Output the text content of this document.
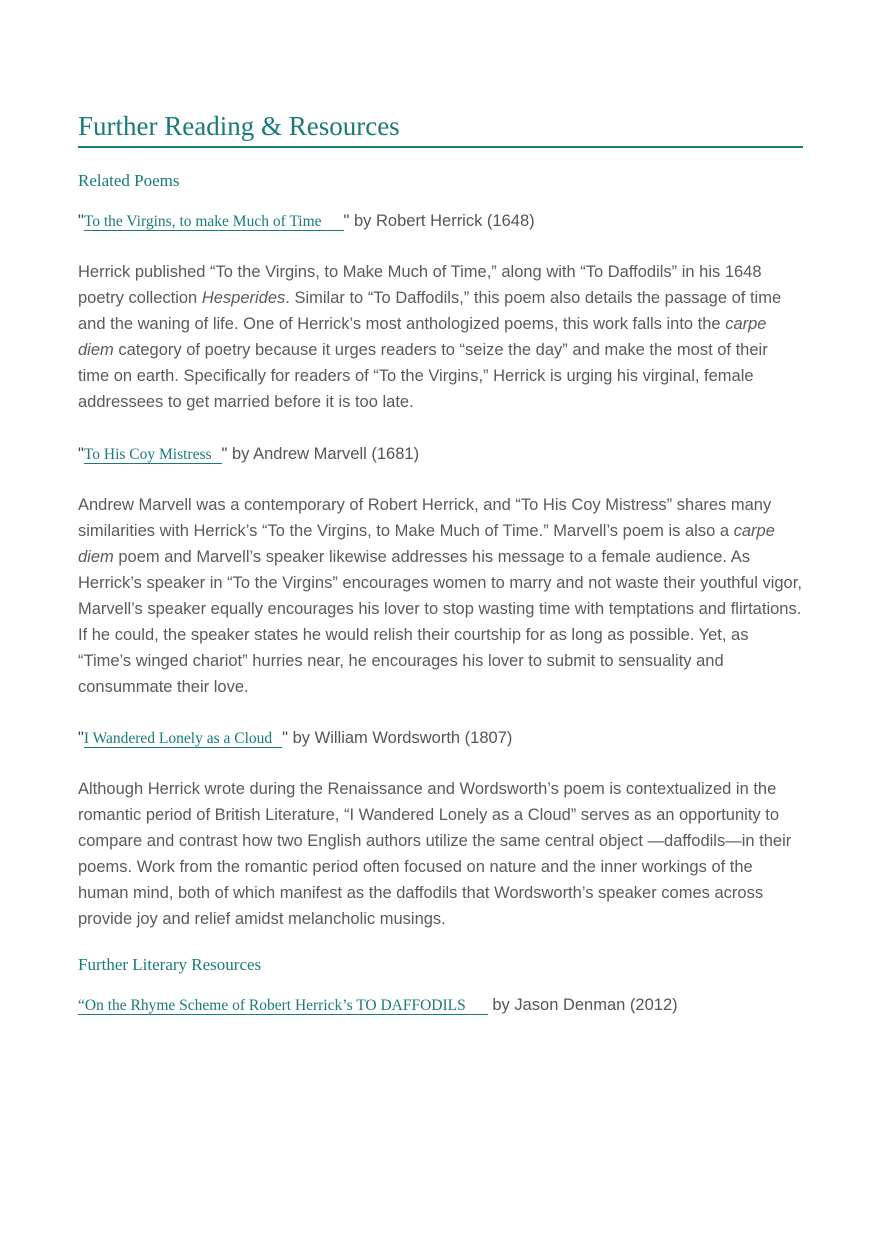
Further Reading & Resources
Related Poems
"To the Virgins, to make Much of Time " by Robert Herrick (1648)
Herrick published “To the Virgins, to Make Much of Time,” along with “To Daffodils” in his 1648 poetry collection Hesperides. Similar to “To Daffodils,” this poem also details the passage of time and the waning of life. One of Herrick’s most anthologized poems, this work falls into the carpe diem category of poetry because it urges readers to “seize the day” and make the most of their time on earth. Specifically for readers of “To the Virgins,” Herrick is urging his virginal, female addressees to get married before it is too late.
"To His Coy Mistress " by Andrew Marvell (1681)
Andrew Marvell was a contemporary of Robert Herrick, and “To His Coy Mistress” shares many similarities with Herrick’s “To the Virgins, to Make Much of Time.” Marvell’s poem is also a carpe diem poem and Marvell’s speaker likewise addresses his message to a female audience. As Herrick’s speaker in “To the Virgins” encourages women to marry and not waste their youthful vigor, Marvell’s speaker equally encourages his lover to stop wasting time with temptations and flirtations. If he could, the speaker states he would relish their courtship for as long as possible. Yet, as “Time’s winged chariot” hurries near, he encourages his lover to submit to sensuality and consummate their love.
"I Wandered Lonely as a Cloud " by William Wordsworth (1807)
Although Herrick wrote during the Renaissance and Wordsworth’s poem is contextualized in the romantic period of British Literature, “I Wandered Lonely as a Cloud” serves as an opportunity to compare and contrast how two English authors utilize the same central object —daffodils—in their poems. Work from the romantic period often focused on nature and the inner workings of the human mind, both of which manifest as the daffodils that Wordsworth’s speaker comes across provide joy and relief amidst melancholic musings.
Further Literary Resources
“On the Rhyme Scheme of Robert Herrick’s TO DAFFODILS by Jason Denman (2012)
